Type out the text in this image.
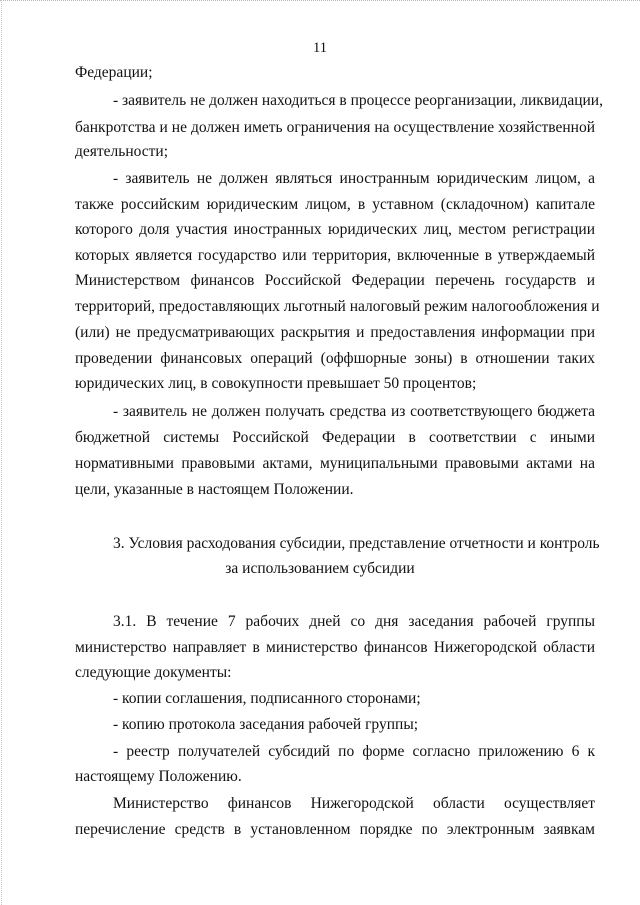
11
Федерации;
- заявитель не должен находиться в процессе реорганизации, ликвидации,
банкротства и не должен иметь ограничения на осуществление хозяйственной
деятельности;
- заявитель не должен являться иностранным юридическим лицом, а
также российским юридическим лицом, в уставном (складочном) капитале
которого доля участия иностранных юридических лиц, местом регистрации
которых является государство или территория, включенные в утверждаемый
Министерством финансов Российской Федерации перечень государств и
территорий, предоставляющих льготный налоговый режим налогообложения и
(или) не предусматривающих раскрытия и предоставления информации при
проведении финансовых операций (оффшорные зоны) в отношении таких
юридических лиц, в совокупности превышает 50 процентов;
- заявитель не должен получать средства из соответствующего бюджета
бюджетной системы Российской Федерации в соответствии с иными
нормативными правовыми актами, муниципальными правовыми актами на
цели, указанные в настоящем Положении.
3. Условия расходования субсидии, представление отчетности и контроль
за использованием субсидии
3.1. В течение 7 рабочих дней со дня заседания рабочей группы
министерство направляет в министерство финансов Нижегородской области
следующие документы:
- копии соглашения, подписанного сторонами;
- копию протокола заседания рабочей группы;
- реестр получателей субсидий по форме согласно приложению 6 к
настоящему Положению.
Министерство финансов Нижегородской области осуществляет
перечисление средств в установленном порядке по электронным заявкам
